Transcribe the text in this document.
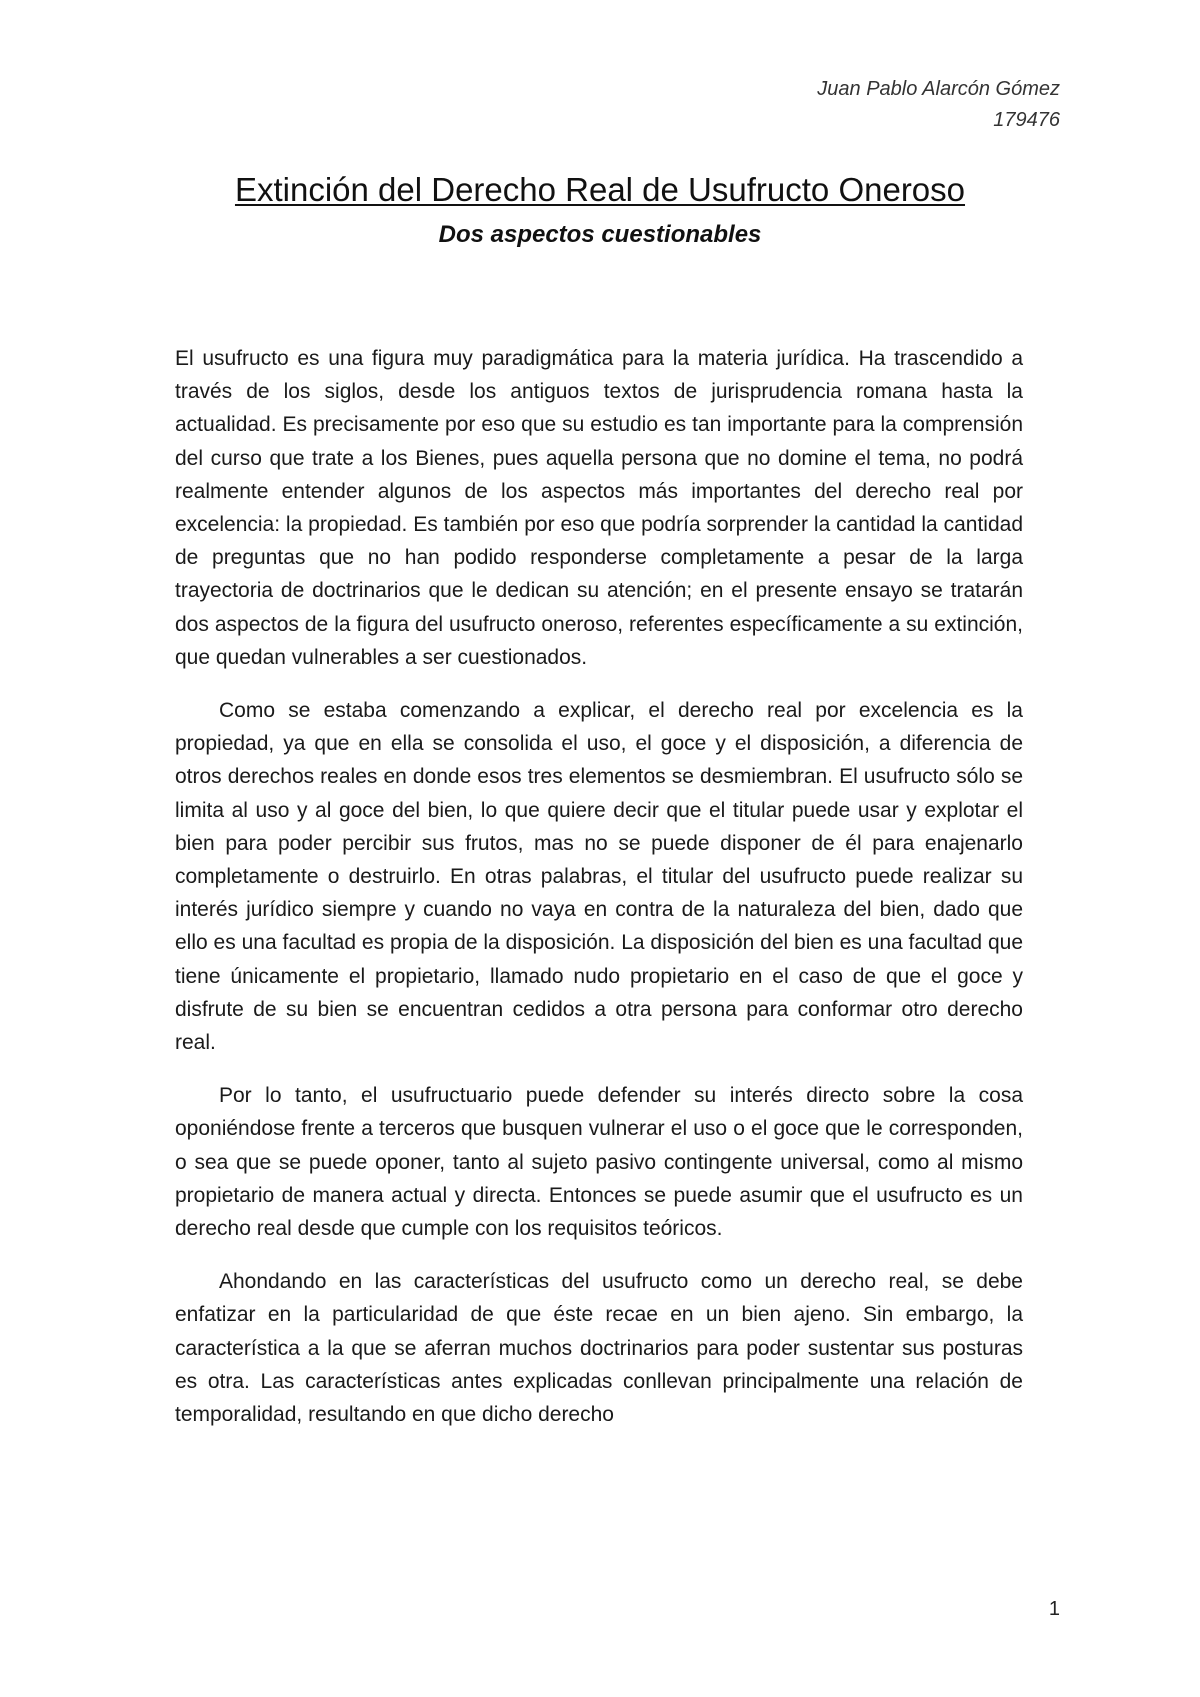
Juan Pablo Alarcón Gómez
179476
Extinción del Derecho Real de Usufructo Oneroso
Dos aspectos cuestionables

El usufructo es una figura muy paradigmática para la materia jurídica. Ha trascendido a través de los siglos, desde los antiguos textos de jurisprudencia romana hasta la actualidad. Es precisamente por eso que su estudio es tan importante para la comprensión del curso que trate a los Bienes, pues aquella persona que no domine el tema, no podrá realmente entender algunos de los aspectos más importantes del derecho real por excelencia: la propiedad. Es también por eso que podría sorprender la cantidad la cantidad de preguntas que no han podido responderse completamente a pesar de la larga trayectoria de doctrinarios que le dedican su atención; en el presente ensayo se tratarán dos aspectos de la figura del usufructo oneroso, referentes específicamente a su extinción, que quedan vulnerables a ser cuestionados.

Como se estaba comenzando a explicar, el derecho real por excelencia es la propiedad, ya que en ella se consolida el uso, el goce y el disposición, a diferencia de otros derechos reales en donde esos tres elementos se desmiembran. El usufructo sólo se limita al uso y al goce del bien, lo que quiere decir que el titular puede usar y explotar el bien para poder percibir sus frutos, mas no se puede disponer de él para enajenarlo completamente o destruirlo. En otras palabras, el titular del usufructo puede realizar su interés jurídico siempre y cuando no vaya en contra de la naturaleza del bien, dado que ello es una facultad es propia de la disposición. La disposición del bien es una facultad que tiene únicamente el propietario, llamado nudo propietario en el caso de que el goce y disfrute de su bien se encuentran cedidos a otra persona para conformar otro derecho real.

Por lo tanto, el usufructuario puede defender su interés directo sobre la cosa oponiéndose frente a terceros que busquen vulnerar el uso o el goce que le corresponden, o sea que se puede oponer, tanto al sujeto pasivo contingente universal, como al mismo propietario de manera actual y directa. Entonces se puede asumir que el usufructo es un derecho real desde que cumple con los requisitos teóricos.

Ahondando en las características del usufructo como un derecho real, se debe enfatizar en la particularidad de que éste recae en un bien ajeno. Sin embargo, la característica a la que se aferran muchos doctrinarios para poder sustentar sus posturas es otra. Las características antes explicadas conllevan principalmente una relación de temporalidad, resultando en que dicho derecho

1
